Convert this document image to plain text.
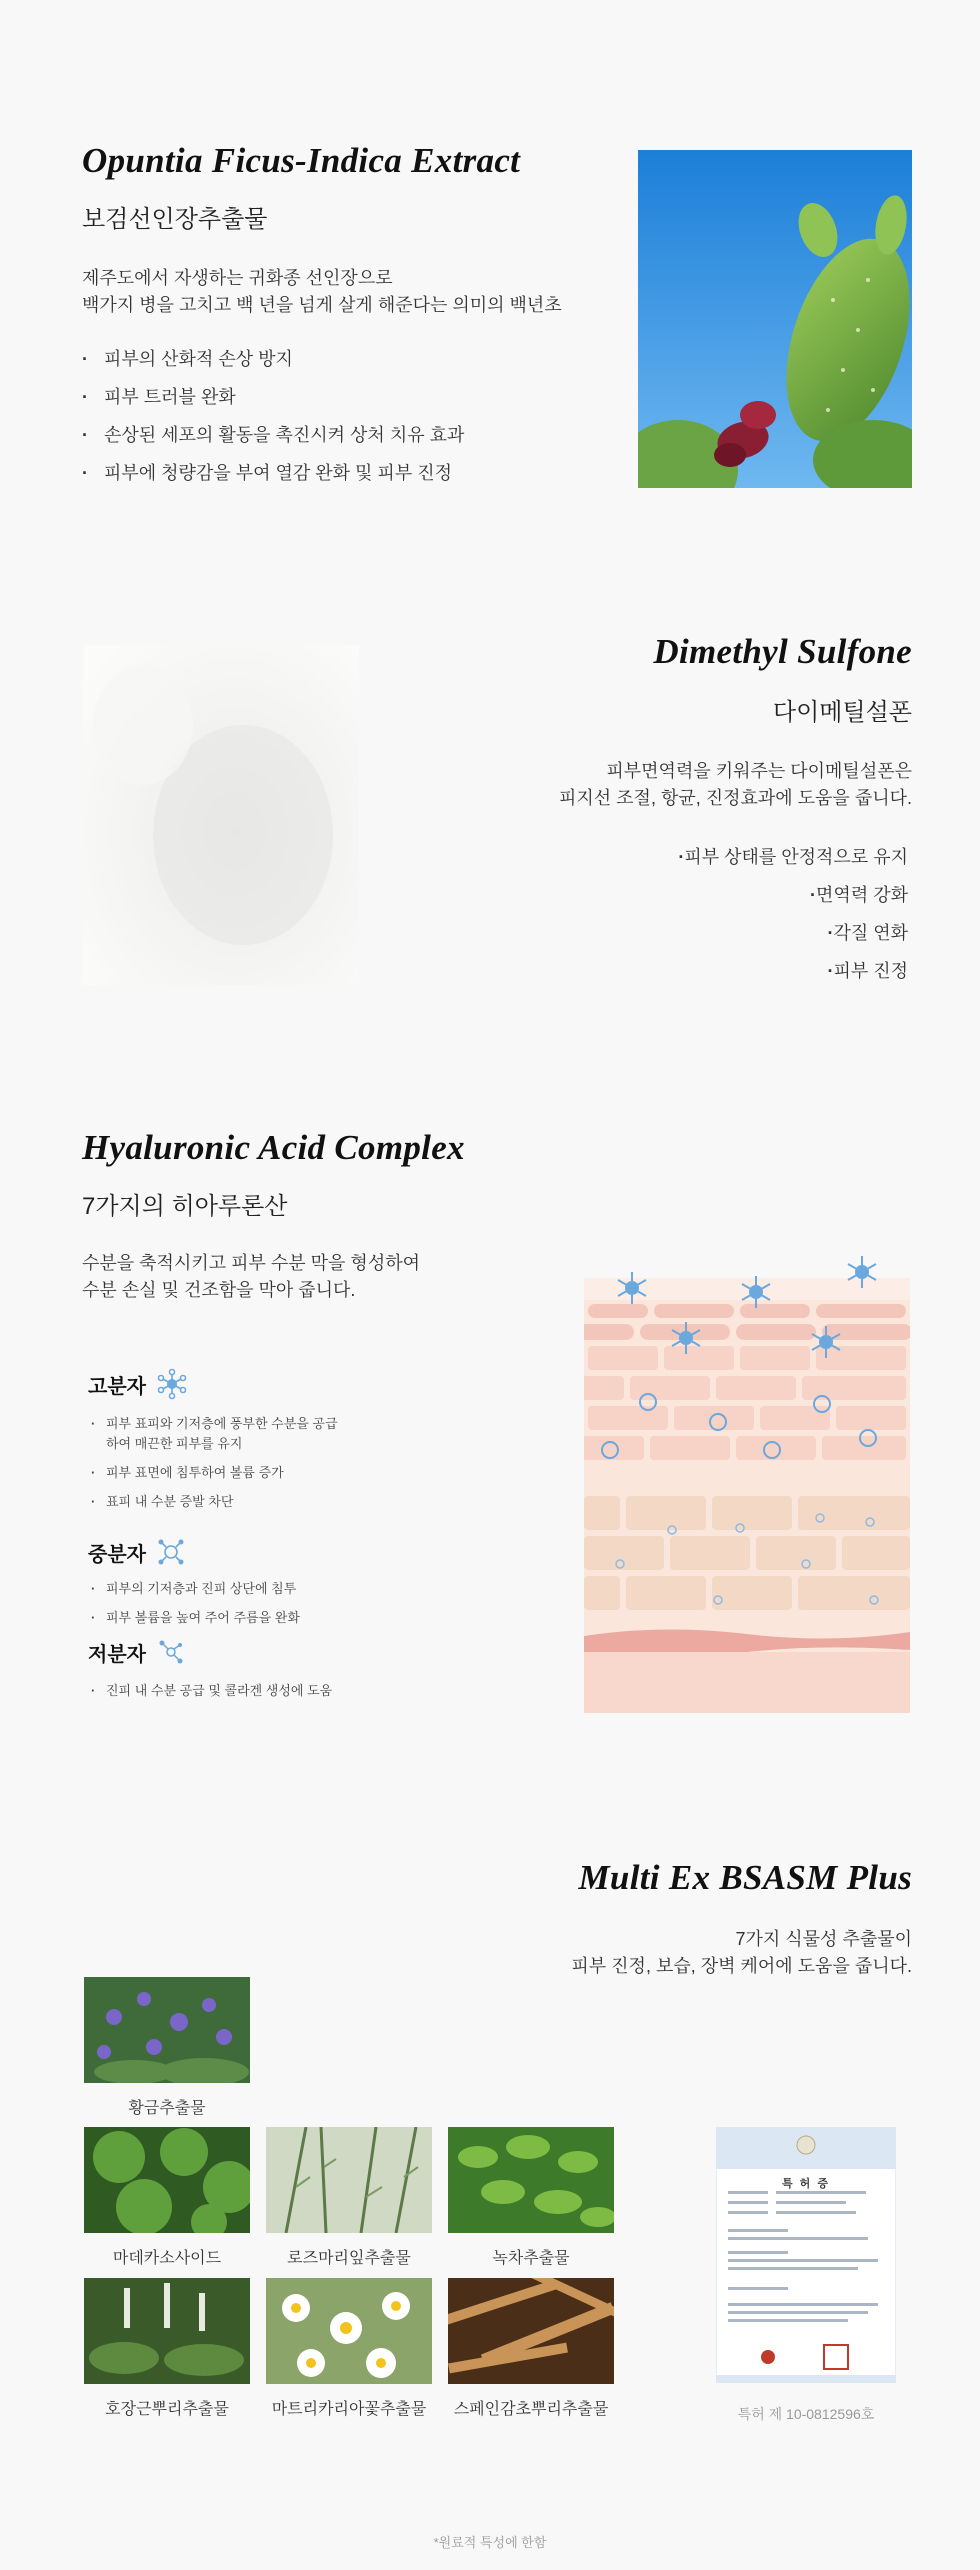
Opuntia Ficus-Indica Extract
보검선인장추출물
제주도에서 자생하는 귀화종 선인장으로
백가지 병을 고치고 백 년을 넘게 살게 해준다는 의미의 백년초
· 피부의 산화적 손상 방지
· 피부 트러블 완화
· 손상된 세포의 활동을 촉진시켜 상처 치유 효과
· 피부에 청량감을 부여 열감 완화 및 피부 진정
Dimethyl Sulfone
다이메틸설폰
피부면역력을 키워주는 다이메틸설폰은
피지선 조절, 항균, 진정효과에 도움을 줍니다.
· 피부 상태를 안정적으로 유지
· 면역력 강화
· 각질 연화
· 피부 진정
Hyaluronic Acid Complex
7가지의 히아루론산
수분을 축적시키고 피부 수분 막을 형성하여
수분 손실 및 건조함을 막아 줍니다.
고분자
· 피부 표피와 기저층에 풍부한 수분을 공급하여 매끈한 피부를 유지
· 피부 표면에 침투하여 볼륨 증가
· 표피 내 수분 증발 차단
중분자
· 피부의 기저층과 진피 상단에 침투
· 피부 볼륨을 높여 주어 주름을 완화
저분자
· 진피 내 수분 공급 및 콜라겐 생성에 도움
Multi Ex BSASM Plus
7가지 식물성 추출물이
피부 진정, 보습, 장벽 케어에 도움을 줍니다.
황금추출물
마데카소사이드	로즈마리잎추출물	녹차추출물
호장근뿌리추출물	마트리카리아꽃추출물	스페인감초뿌리추출물
특 허 증
특허 제 10-0812596호
*원료적 특성에 한함
